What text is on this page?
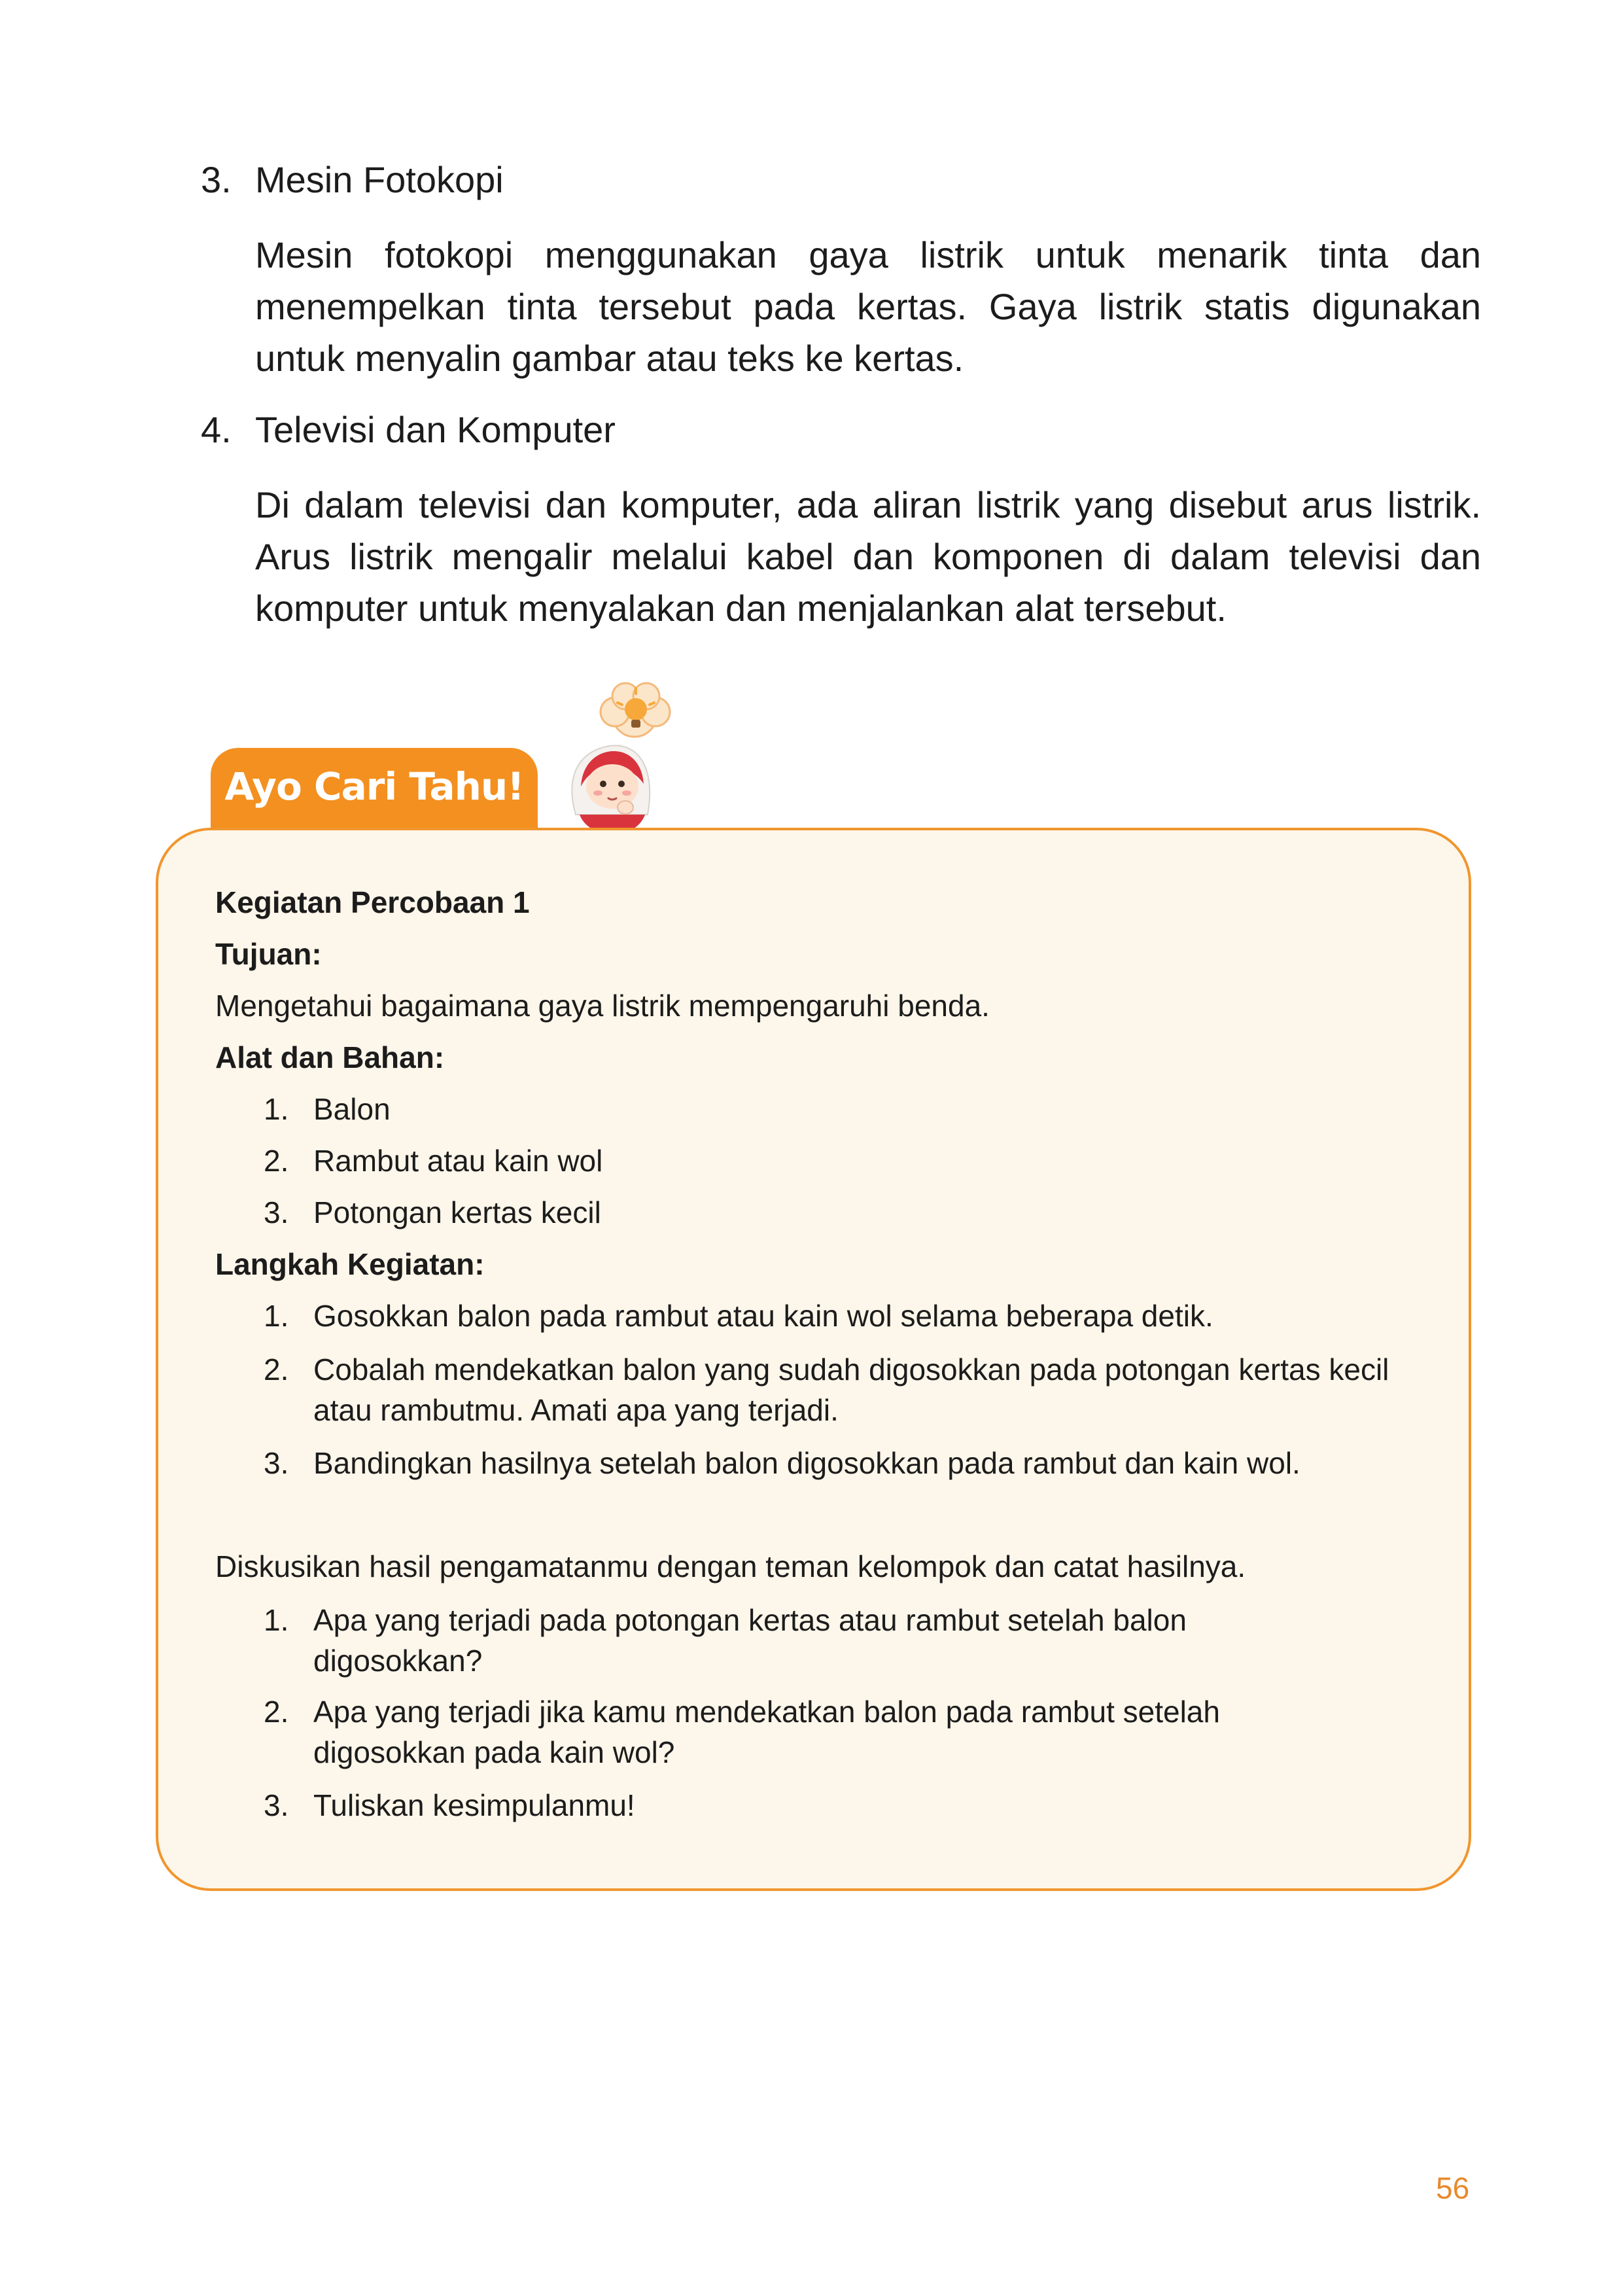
3. Mesin Fotokopi
Mesin fotokopi menggunakan gaya listrik untuk menarik tinta dan menempelkan tinta tersebut pada kertas. Gaya listrik statis digunakan untuk menyalin gambar atau teks ke kertas.
4. Televisi dan Komputer
Di dalam televisi dan komputer, ada aliran listrik yang disebut arus listrik. Arus listrik mengalir melalui kabel dan komponen di dalam televisi dan komputer untuk menyalakan dan menjalankan alat tersebut.
Ayo Cari Tahu!
Kegiatan Percobaan 1
Tujuan:
Mengetahui bagaimana gaya listrik mempengaruhi benda.
Alat dan Bahan:
1. Balon
2. Rambut atau kain wol
3. Potongan kertas kecil
Langkah Kegiatan:
1. Gosokkan balon pada rambut atau kain wol selama beberapa detik.
2. Cobalah mendekatkan balon yang sudah digosokkan pada potongan kertas kecil atau rambutmu. Amati apa yang terjadi.
3. Bandingkan hasilnya setelah balon digosokkan pada rambut dan kain wol.
Diskusikan hasil pengamatanmu dengan teman kelompok dan catat hasilnya.
1. Apa yang terjadi pada potongan kertas atau rambut setelah balon digosokkan?
2. Apa yang terjadi jika kamu mendekatkan balon pada rambut setelah digosokkan pada kain wol?
3. Tuliskan kesimpulanmu!
56
